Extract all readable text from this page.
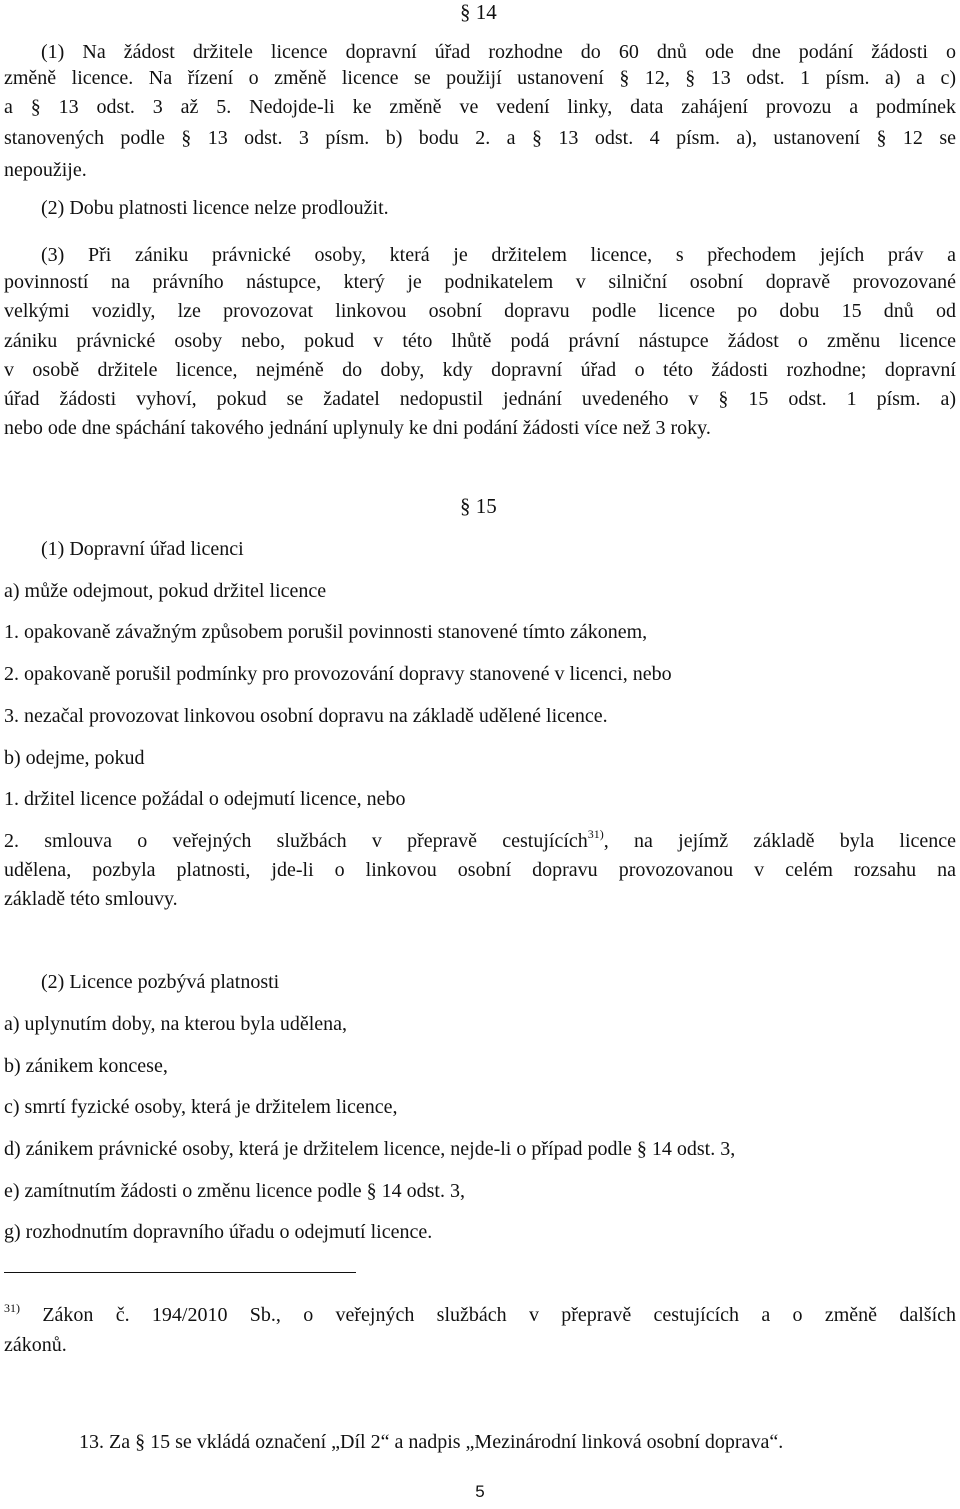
§ 14
(1) Na žádost držitele licence dopravní úřad rozhodne do 60 dnů ode dne podání žádosti o
změně licence. Na řízení o změně licence se použijí ustanovení § 12, § 13 odst. 1 písm. a) a c)
a § 13 odst. 3 až 5. Nedojde-li ke změně ve vedení linky, data zahájení provozu a podmínek
stanovených podle § 13 odst. 3 písm. b) bodu 2. a § 13 odst. 4 písm. a), ustanovení § 12 se
nepoužije.
(2) Dobu platnosti licence nelze prodloužit.
(3) Při zániku právnické osoby, která je držitelem licence, s přechodem jejích práv a
povinností na právního nástupce, který je podnikatelem v silniční osobní dopravě provozované
velkými vozidly, lze provozovat linkovou osobní dopravu podle licence po dobu 15 dnů od
zániku právnické osoby nebo, pokud v této lhůtě podá právní nástupce žádost o změnu licence
v osobě držitele licence, nejméně do doby, kdy dopravní úřad o této žádosti rozhodne; dopravní
úřad žádosti vyhoví, pokud se žadatel nedopustil jednání uvedeného v § 15 odst. 1 písm. a)
nebo ode dne spáchání takového jednání uplynuly ke dni podání žádosti více než 3 roky.
§ 15
(1) Dopravní úřad licenci
a) může odejmout, pokud držitel licence
1. opakovaně závažným způsobem porušil povinnosti stanovené tímto zákonem,
2. opakovaně porušil podmínky pro provozování dopravy stanovené v licenci, nebo
3. nezačal provozovat linkovou osobní dopravu na základě udělené licence.
b) odejme, pokud
1. držitel licence požádal o odejmutí licence, nebo
2. smlouva o veřejných službách v přepravě cestujících$^{31)}$, na jejímž základě byla licence
udělena, pozbyla platnosti, jde-li o linkovou osobní dopravu provozovanou v celém rozsahu na
základě této smlouvy.
(2) Licence pozbývá platnosti
a) uplynutím doby, na kterou byla udělena,
b) zánikem koncese,
c) smrtí fyzické osoby, která je držitelem licence,
d) zánikem právnické osoby, která je držitelem licence, nejde-li o případ podle § 14 odst. 3,
e) zamítnutím žádosti o změnu licence podle § 14 odst. 3,
g) rozhodnutím dopravního úřadu o odejmutí licence.
$^{31)}$ Zákon č. 194/2010 Sb., o veřejných službách v přepravě cestujících a o změně dalších
zákonů.
13. Za § 15 se vkládá označení „Díl 2“ a nadpis „Mezinárodní linková osobní doprava“.
5
